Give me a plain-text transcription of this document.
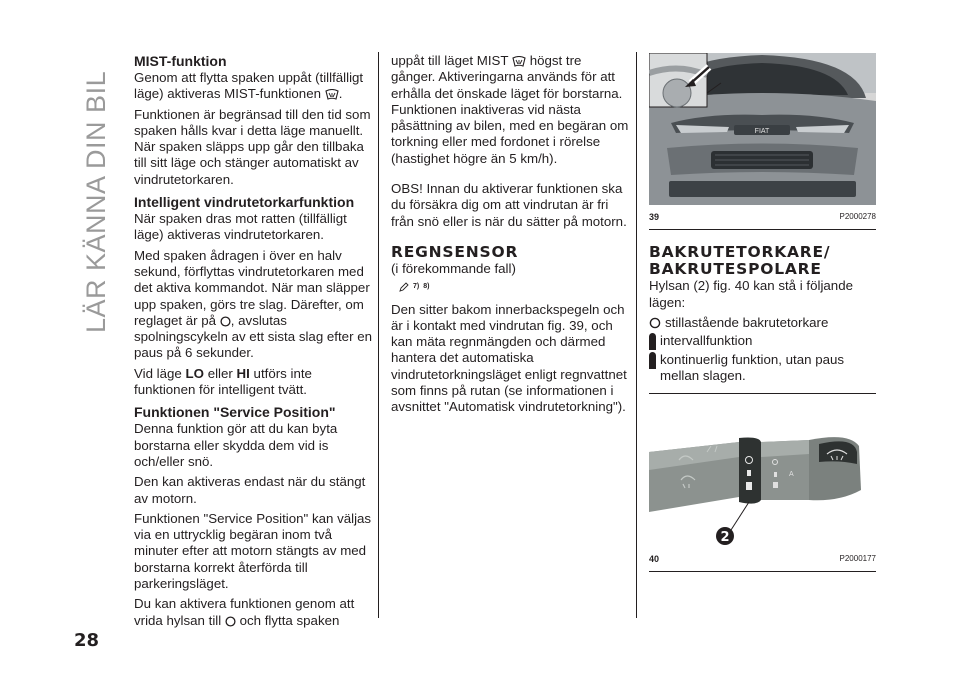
LÄR KÄNNA DIN BIL
MIST-funktion

Genom att flytta spaken uppåt (tillfälligt läge) aktiveras MIST-funktionen .

Funktionen är begränsad till den tid som spaken hålls kvar i detta läge manuellt. När spaken släpps upp går den tillbaka till sitt läge och stänger automatiskt av vindrutetorkaren.

Intelligent vindrutetorkarfunktion

När spaken dras mot ratten (tillfälligt läge) aktiveras vindrutetorkaren.

Med spaken ådragen i över en halv sekund, förflyttas vindrutetorkaren med det aktiva kommandot. När man släpper upp spaken, görs tre slag. Därefter, om reglaget är på , avslutas spolningscykeln av ett sista slag efter en paus på 6 sekunder.

Vid läge LO eller HI utförs inte funktionen för intelligent tvätt.

Funktionen "Service Position"

Denna funktion gör att du kan byta borstarna eller skydda dem vid is och/eller snö.

Den kan aktiveras endast när du stängt av motorn.

Funktionen "Service Position" kan väljas via en uttrycklig begäran inom två minuter efter att motorn stängts av med borstarna korrekt återförda till parkeringsläget.

Du kan aktivera funktionen genom att vrida hylsan till och flytta spaken

uppåt till läget MIST högst tre gånger. Aktiveringarna används för att erhålla det önskade läget för borstarna. Funktionen inaktiveras vid nästa påsättning av bilen, med en begäran om torkning eller med fordonet i rörelse (hastighet högre än 5 km/h).

OBS! Innan du aktiverar funktionen ska du försäkra dig om att vindrutan är fri från snö eller is när du sätter på motorn.

REGNSENSOR

(i förekommande fall)

7) 8)

Den sitter bakom innerbackspegeln och är i kontakt med vindrutan fig. 39, och kan mäta regnmängden och därmed hantera det automatiska vindrutetorkningsläget enligt regnvattnet som finns på rutan (se informationen i avsnittet "Automatisk vindrutetorkning").

FIAT
39	P2000278
BAKRUTETORKARE/
BAKRUTESPOLARE

Hylsan (2) fig. 40 kan stå i följande lägen:

stillastående bakrutetorkare
intervallfunktion
kontinuerlig funktion, utan paus mellan slagen.
A
2
40	P2000177
28
